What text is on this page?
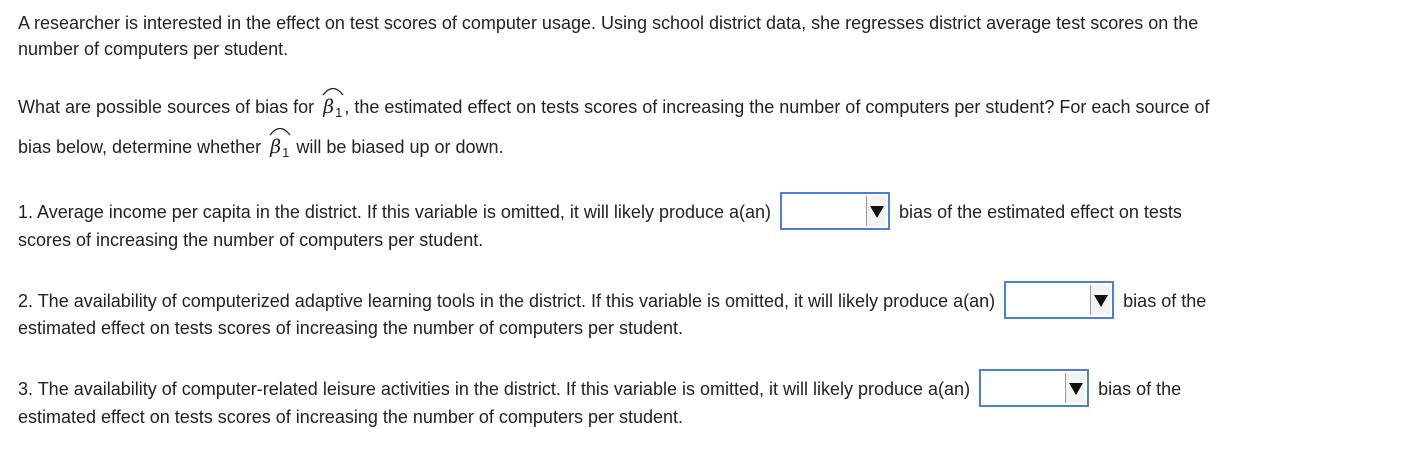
A researcher is interested in the effect on test scores of computer usage. Using school district data, she regresses district average test scores on the
number of computers per student.
What are possible sources of bias for $\beta_1$ , the estimated effect on tests scores of increasing the number of computers per student? For each source of
bias below, determine whether $\beta_1$ will be biased up or down.
1. Average income per capita in the district. If this variable is omitted, it will likely produce a(an)	bias of the estimated effect on tests
scores of increasing the number of computers per student.
2. The availability of computerized adaptive learning tools in the district. If this variable is omitted, it will likely produce a(an)	bias of the
estimated effect on tests scores of increasing the number of computers per student.
3. The availability of computer-related leisure activities in the district. If this variable is omitted, it will likely produce a(an)	bias of the
estimated effect on tests scores of increasing the number of computers per student.
